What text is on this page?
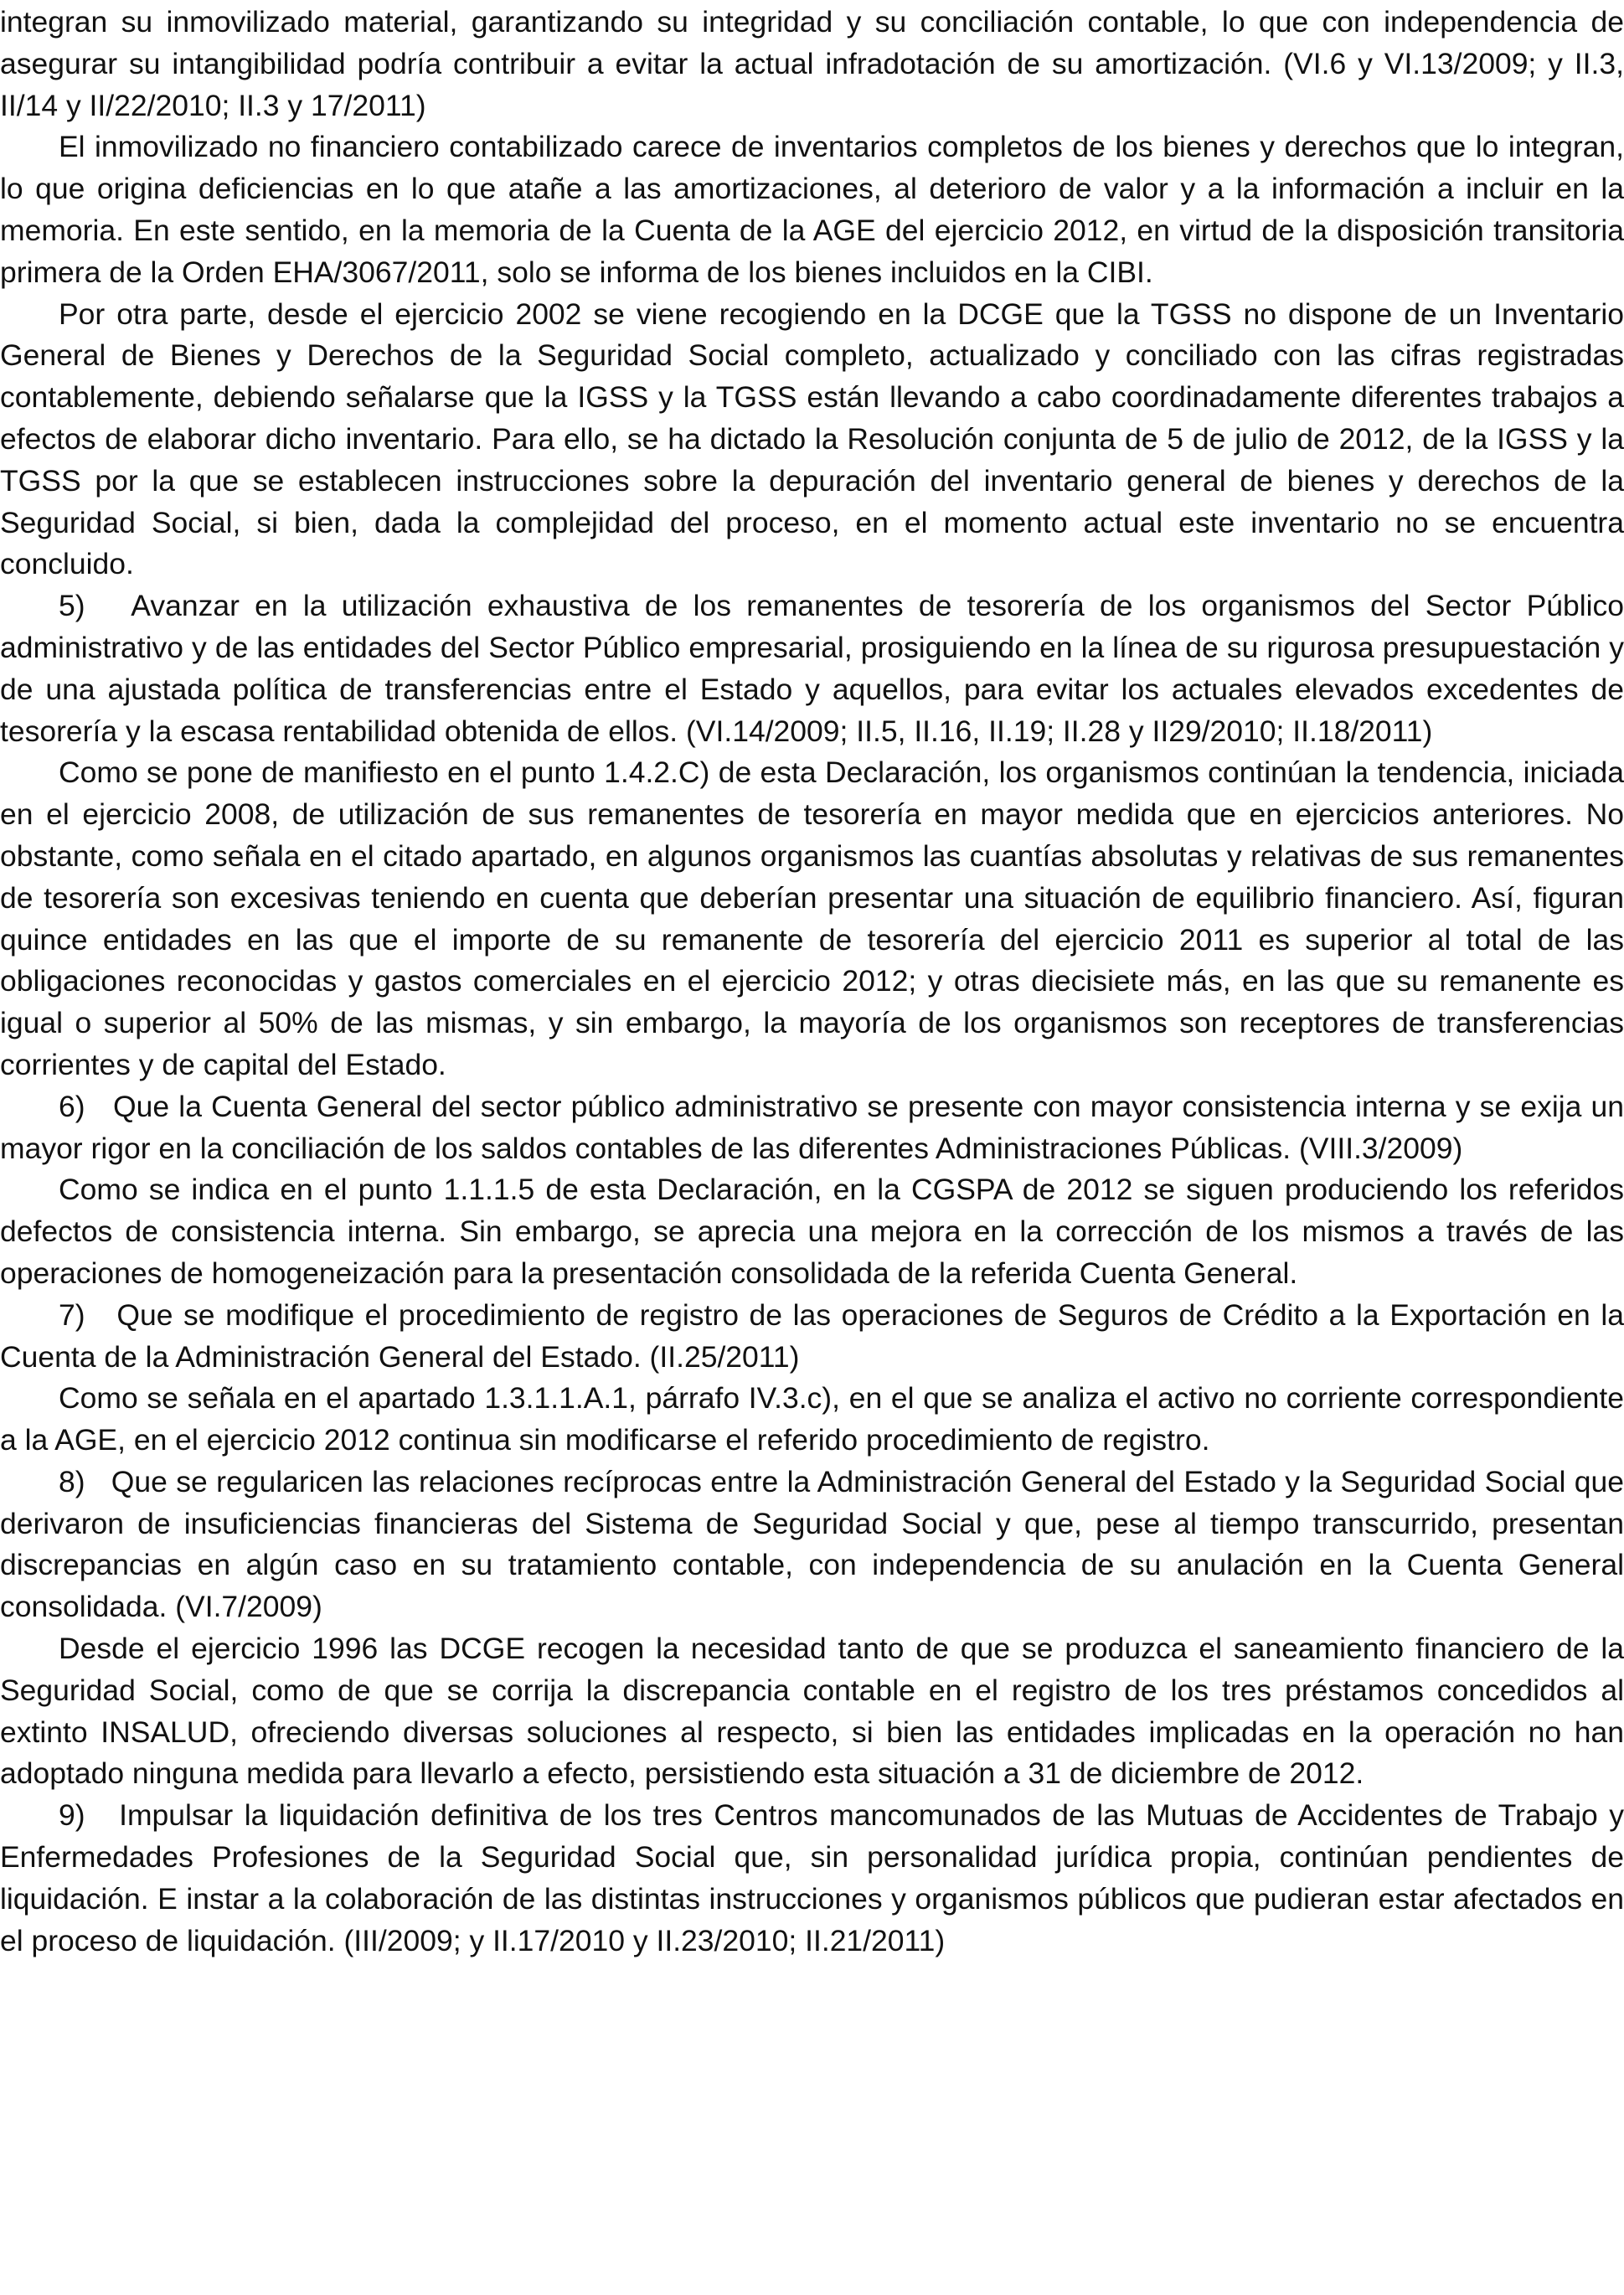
integran su inmovilizado material, garantizando su integridad y su conciliación contable, lo que con independencia de asegurar su intangibilidad podría contribuir a evitar la actual infradotación de su amortización. (VI.6 y VI.13/2009; y II.3, II/14 y II/22/2010; II.3 y 17/2011)

El inmovilizado no financiero contabilizado carece de inventarios completos de los bienes y derechos que lo integran, lo que origina deficiencias en lo que atañe a las amortizaciones, al deterioro de valor y a la información a incluir en la memoria. En este sentido, en la memoria de la Cuenta de la AGE del ejercicio 2012, en virtud de la disposición transitoria primera de la Orden EHA/3067/2011, solo se informa de los bienes incluidos en la CIBI.

Por otra parte, desde el ejercicio 2002 se viene recogiendo en la DCGE que la TGSS no dispone de un Inventario General de Bienes y Derechos de la Seguridad Social completo, actualizado y conciliado con las cifras registradas contablemente, debiendo señalarse que la IGSS y la TGSS están llevando a cabo coordinadamente diferentes trabajos a efectos de elaborar dicho inventario. Para ello, se ha dictado la Resolución conjunta de 5 de julio de 2012, de la IGSS y la TGSS por la que se establecen instrucciones sobre la depuración del inventario general de bienes y derechos de la Seguridad Social, si bien, dada la complejidad del proceso, en el momento actual este inventario no se encuentra concluido.

5)   Avanzar en la utilización exhaustiva de los remanentes de tesorería de los organismos del Sector Público administrativo y de las entidades del Sector Público empresarial, prosiguiendo en la línea de su rigurosa presupuestación y de una ajustada política de transferencias entre el Estado y aquellos, para evitar los actuales elevados excedentes de tesorería y la escasa rentabilidad obtenida de ellos. (VI.14/2009; II.5, II.16, II.19; II.28 y II29/2010; II.18/2011)

Como se pone de manifiesto en el punto 1.4.2.C) de esta Declaración, los organismos continúan la tendencia, iniciada en el ejercicio 2008, de utilización de sus remanentes de tesorería en mayor medida que en ejercicios anteriores. No obstante, como señala en el citado apartado, en algunos organismos las cuantías absolutas y relativas de sus remanentes de tesorería son excesivas teniendo en cuenta que deberían presentar una situación de equilibrio financiero. Así, figuran quince entidades en las que el importe de su remanente de tesorería del ejercicio 2011 es superior al total de las obligaciones reconocidas y gastos comerciales en el ejercicio 2012; y otras diecisiete más, en las que su remanente es igual o superior al 50% de las mismas, y sin embargo, la mayoría de los organismos son receptores de transferencias corrientes y de capital del Estado.

6)   Que la Cuenta General del sector público administrativo se presente con mayor consistencia interna y se exija un mayor rigor en la conciliación de los saldos contables de las diferentes Administraciones Públicas. (VIII.3/2009)

Como se indica en el punto 1.1.1.5 de esta Declaración, en la CGSPA de 2012 se siguen produciendo los referidos defectos de consistencia interna. Sin embargo, se aprecia una mejora en la corrección de los mismos a través de las operaciones de homogeneización para la presentación consolidada de la referida Cuenta General.

7)   Que se modifique el procedimiento de registro de las operaciones de Seguros de Crédito a la Exportación en la Cuenta de la Administración General del Estado. (II.25/2011)

Como se señala en el apartado 1.3.1.1.A.1, párrafo IV.3.c), en el que se analiza el activo no corriente correspondiente a la AGE, en el ejercicio 2012 continua sin modificarse el referido procedimiento de registro.

8)   Que se regularicen las relaciones recíprocas entre la Administración General del Estado y la Seguridad Social que derivaron de insuficiencias financieras del Sistema de Seguridad Social y que, pese al tiempo transcurrido, presentan discrepancias en algún caso en su tratamiento contable, con independencia de su anulación en la Cuenta General consolidada. (VI.7/2009)

Desde el ejercicio 1996 las DCGE recogen la necesidad tanto de que se produzca el saneamiento financiero de la Seguridad Social, como de que se corrija la discrepancia contable en el registro de los tres préstamos concedidos al extinto INSALUD, ofreciendo diversas soluciones al respecto, si bien las entidades implicadas en la operación no han adoptado ninguna medida para llevarlo a efecto, persistiendo esta situación a 31 de diciembre de 2012.

9)   Impulsar la liquidación definitiva de los tres Centros mancomunados de las Mutuas de Accidentes de Trabajo y Enfermedades Profesiones de la Seguridad Social que, sin personalidad jurídica propia, continúan pendientes de liquidación. E instar a la colaboración de las distintas instrucciones y organismos públicos que pudieran estar afectados en el proceso de liquidación. (III/2009; y II.17/2010 y II.23/2010; II.21/2011)
